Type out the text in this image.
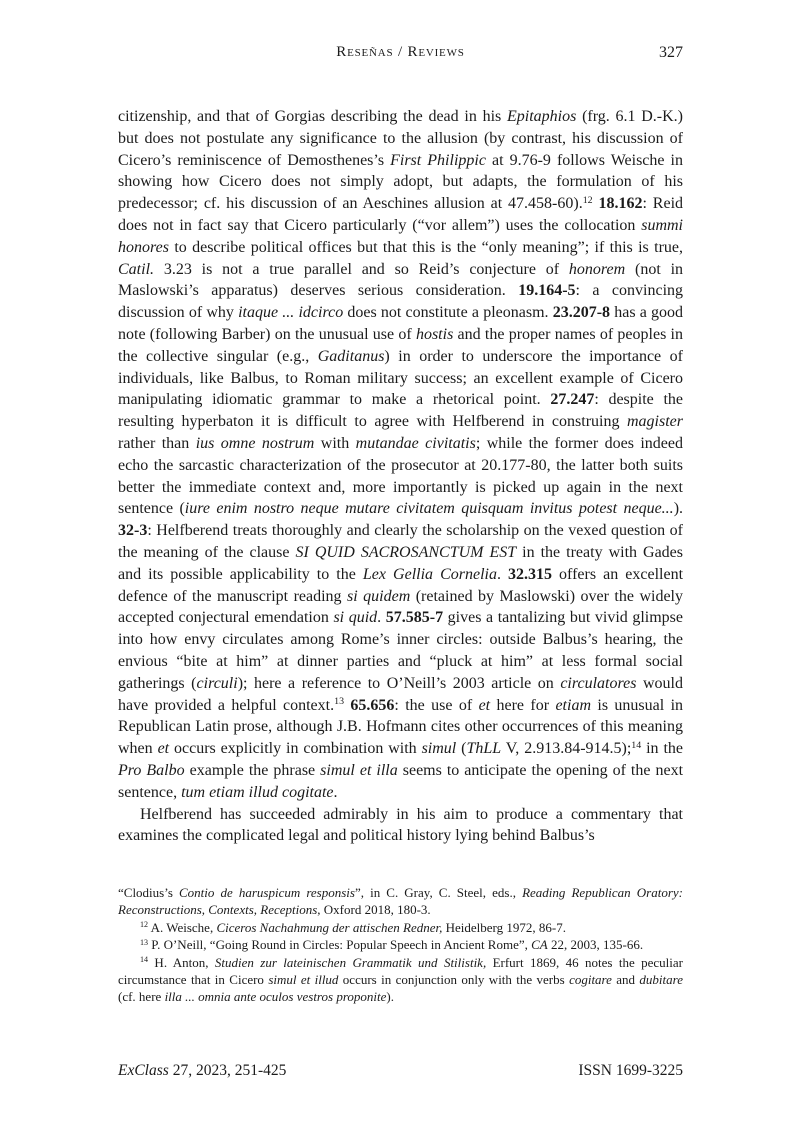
Reseñas / Reviews	327

citizenship, and that of Gorgias describing the dead in his Epitaphios (frg. 6.1 D.-K.) but does not postulate any significance to the allusion (by contrast, his discussion of Cicero’s reminiscence of Demosthenes’s First Philippic at 9.76-9 follows Weische in showing how Cicero does not simply adopt, but adapts, the formulation of his predecessor; cf. his discussion of an Aeschines allusion at 47.458-60).$^{12}$ 18.162: Reid does not in fact say that Cicero particularly (“vor allem”) uses the collocation summi honores to describe political offices but that this is the “only meaning”; if this is true, Catil. 3.23 is not a true parallel and so Reid’s conjecture of honorem (not in Maslowski’s apparatus) deserves serious consideration. 19.164-5: a convincing discussion of why itaque ... idcirco does not constitute a pleonasm. 23.207-8 has a good note (following Barber) on the unusual use of hostis and the proper names of peoples in the collective singular (e.g., Gaditanus) in order to underscore the importance of individuals, like Balbus, to Roman military success; an excellent example of Cicero manipulating idiomatic grammar to make a rhetorical point. 27.247: despite the resulting hyperbaton it is difficult to agree with Helfberend in construing magister rather than ius omne nostrum with mutandae civitatis; while the former does indeed echo the sarcastic characterization of the prosecutor at 20.177-80, the latter both suits better the immediate context and, more importantly is picked up again in the next sentence (iure enim nostro neque mutare civitatem quisquam invitus potest neque...). 32-3: Helfberend treats thoroughly and clearly the scholarship on the vexed question of the meaning of the clause SI QUID SACROSANCTUM EST in the treaty with Gades and its possible applicability to the Lex Gellia Cornelia. 32.315 offers an excellent defence of the manuscript reading si quidem (retained by Maslowski) over the widely accepted conjectural emendation si quid. 57.585-7 gives a tantalizing but vivid glimpse into how envy circulates among Rome’s inner circles: outside Balbus’s hearing, the envious “bite at him” at dinner parties and “pluck at him” at less formal social gatherings (circuli); here a reference to O’Neill’s 2003 article on circulatores would have provided a helpful context.$^{13}$ 65.656: the use of et here for etiam is unusual in Republican Latin prose, although J.B. Hofmann cites other occurrences of this meaning when et occurs explicitly in combination with simul (ThLL V, 2.913.84-914.5);$^{14}$ in the Pro Balbo example the phrase simul et illa seems to anticipate the opening of the next sentence, tum etiam illud cogitate.

Helfberend has succeeded admirably in his aim to produce a commentary that examines the complicated legal and political history lying behind Balbus’s

“Clodius’s Contio de haruspicum responsis”, in C. Gray, C. Steel, eds., Reading Republican Oratory: Reconstructions, Contexts, Receptions, Oxford 2018, 180-3.

$^{12}$ A. Weische, Ciceros Nachahmung der attischen Redner, Heidelberg 1972, 86-7.

$^{13}$ P. O’Neill, “Going Round in Circles: Popular Speech in Ancient Rome”, CA 22, 2003, 135-66.

$^{14}$ H. Anton, Studien zur lateinischen Grammatik und Stilistik, Erfurt 1869, 46 notes the peculiar circumstance that in Cicero simul et illud occurs in conjunction only with the verbs cogitare and dubitare (cf. here illa ... omnia ante oculos vestros proponite).

ExClass 27, 2023, 251-425	ISSN 1699-3225
